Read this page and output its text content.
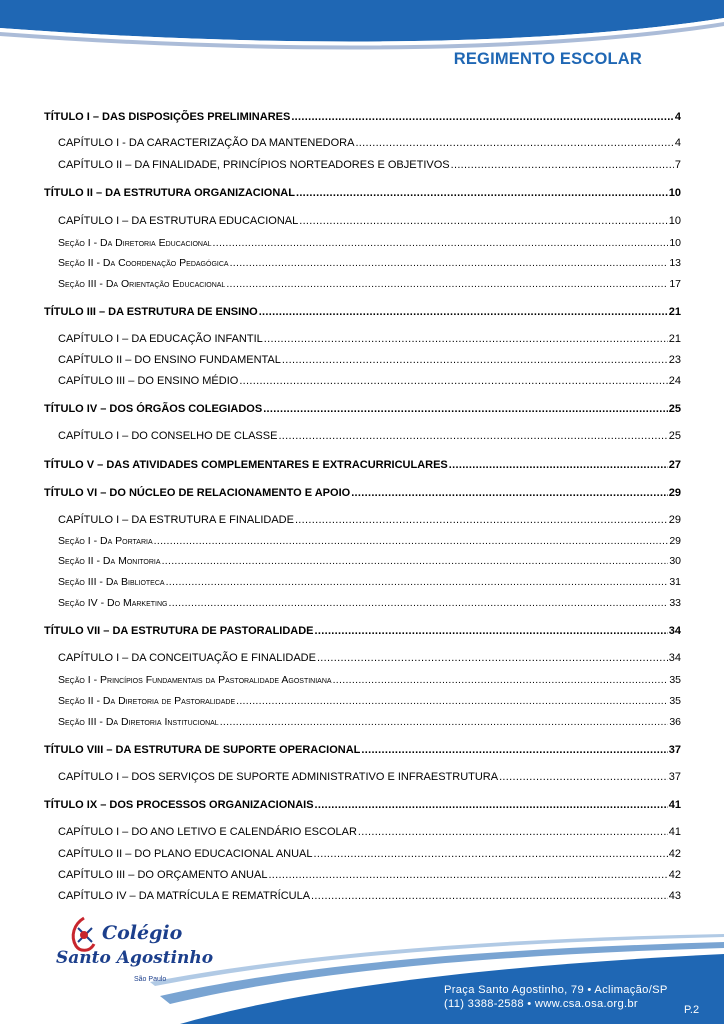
REGIMENTO ESCOLAR
TÍTULO I – DAS DISPOSIÇÕES PRELIMINARES .....	4
CAPÍTULO I - DA CARACTERIZAÇÃO DA MANTENEDORA .....	4
CAPÍTULO II – DA FINALIDADE, PRINCÍPIOS NORTEADORES E OBJETIVOS .....	7
TÍTULO II – DA ESTRUTURA ORGANIZACIONAL .....	10
CAPÍTULO I – DA ESTRUTURA EDUCACIONAL .....	10
Seção I - Da Diretoria Educacional .....	10
Seção II - Da Coordenação Pedagógica .....	13
Seção III - Da Orientação Educacional .....	17
TÍTULO III – DA ESTRUTURA DE ENSINO .....	21
CAPÍTULO I – DA EDUCAÇÃO INFANTIL .....	21
CAPÍTULO II – DO ENSINO FUNDAMENTAL .....	23
CAPÍTULO III – DO ENSINO MÉDIO .....	24
TÍTULO IV – DOS ÓRGÃOS COLEGIADOS .....	25
CAPÍTULO I – DO CONSELHO DE CLASSE .....	25
TÍTULO V – DAS ATIVIDADES COMPLEMENTARES E EXTRACURRICULARES .....	27
TÍTULO VI – DO NÚCLEO DE RELACIONAMENTO E APOIO .....	29
CAPÍTULO I – DA ESTRUTURA E FINALIDADE .....	29
Seção I - Da Portaria .....	29
Seção II - Da Monitoria .....	30
Seção III - Da Biblioteca .....	31
Seção IV - Do Marketing .....	33
TÍTULO VII – DA ESTRUTURA DE PASTORALIDADE .....	34
CAPÍTULO I – DA CONCEITUAÇÃO E FINALIDADE .....	34
Seção I - Princípios Fundamentais da Pastoralidade Agostiniana .....	35
Seção II - Da Diretoria de Pastoralidade .....	35
Seção III - Da Diretoria Institucional .....	36
TÍTULO VIII – DA ESTRUTURA DE SUPORTE OPERACIONAL .....	37
CAPÍTULO I – DOS SERVIÇOS DE SUPORTE ADMINISTRATIVO E INFRAESTRUTURA .....	37
TÍTULO IX – DOS PROCESSOS ORGANIZACIONAIS .....	41
CAPÍTULO I – DO ANO LETIVO E CALENDÁRIO ESCOLAR .....	41
CAPÍTULO II – DO PLANO EDUCACIONAL ANUAL .....	42
CAPÍTULO III – DO ORÇAMENTO ANUAL .....	42
CAPÍTULO IV – DA MATRÍCULA E REMATRÍCULA .....	43
Colégio
Santo Agostinho
São Paulo
Praça Santo Agostinho, 79 • Aclimação/SP
(11) 3388-2588 • www.csa.osa.org.br	P.2
